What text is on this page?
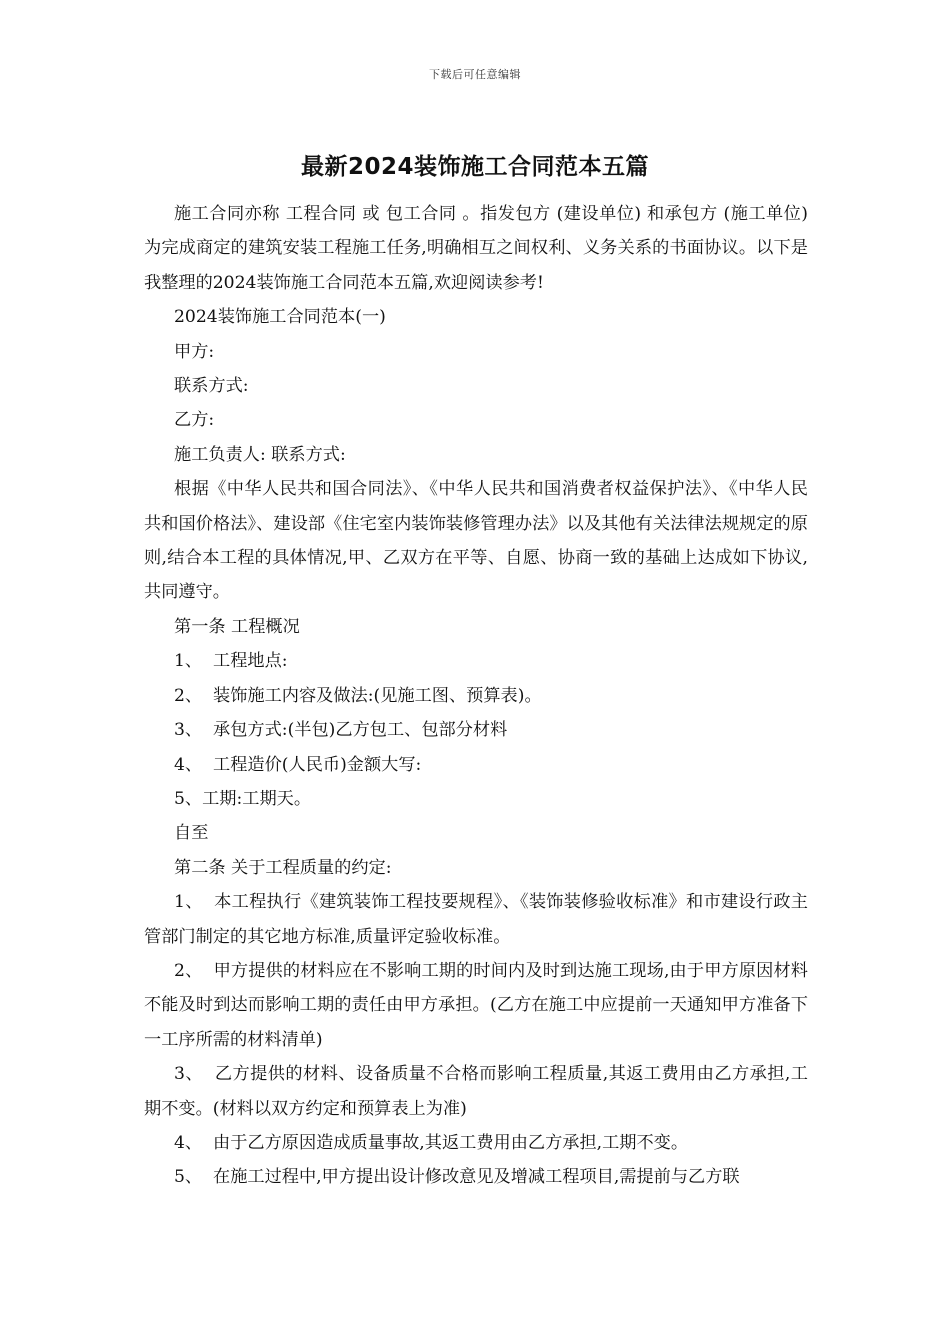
下载后可任意编辑
最新2024装饰施工合同范本五篇

施工合同亦称 工程合同 或 包工合同 。指发包方 (建设单位) 和承包方 (施工单位) 为完成商定的建筑安装工程施工任务,明确相互之间权利、义务关系的书面协议。以下是我整理的2024装饰施工合同范本五篇,欢迎阅读参考!

2024装饰施工合同范本(一)

甲方:

联系方式:

乙方:

施工负责人: 联系方式:

根据《中华人民共和国合同法》、《中华人民共和国消费者权益保护法》、《中华人民共和国价格法》、建设部《住宅室内装饰装修管理办法》以及其他有关法律法规规定的原则,结合本工程的具体情况,甲、乙双方在平等、自愿、协商一致的基础上达成如下协议,共同遵守。

第一条 工程概况

1、  工程地点:

2、  装饰施工内容及做法:(见施工图、预算表)。

3、  承包方式:(半包)乙方包工、包部分材料

4、  工程造价(人民币)金额大写:

5、工期:工期天。

自至

第二条 关于工程质量的约定:

1、  本工程执行《建筑装饰工程技要规程》、《装饰装修验收标准》和市建设行政主管部门制定的其它地方标准,质量评定验收标准。

2、  甲方提供的材料应在不影响工期的时间内及时到达施工现场,由于甲方原因材料不能及时到达而影响工期的责任由甲方承担。(乙方在施工中应提前一天通知甲方准备下一工序所需的材料清单)

3、  乙方提供的材料、设备质量不合格而影响工程质量,其返工费用由乙方承担,工期不变。(材料以双方约定和预算表上为准)

4、  由于乙方原因造成质量事故,其返工费用由乙方承担,工期不变。

5、  在施工过程中,甲方提出设计修改意见及增减工程项目,需提前与乙方联
